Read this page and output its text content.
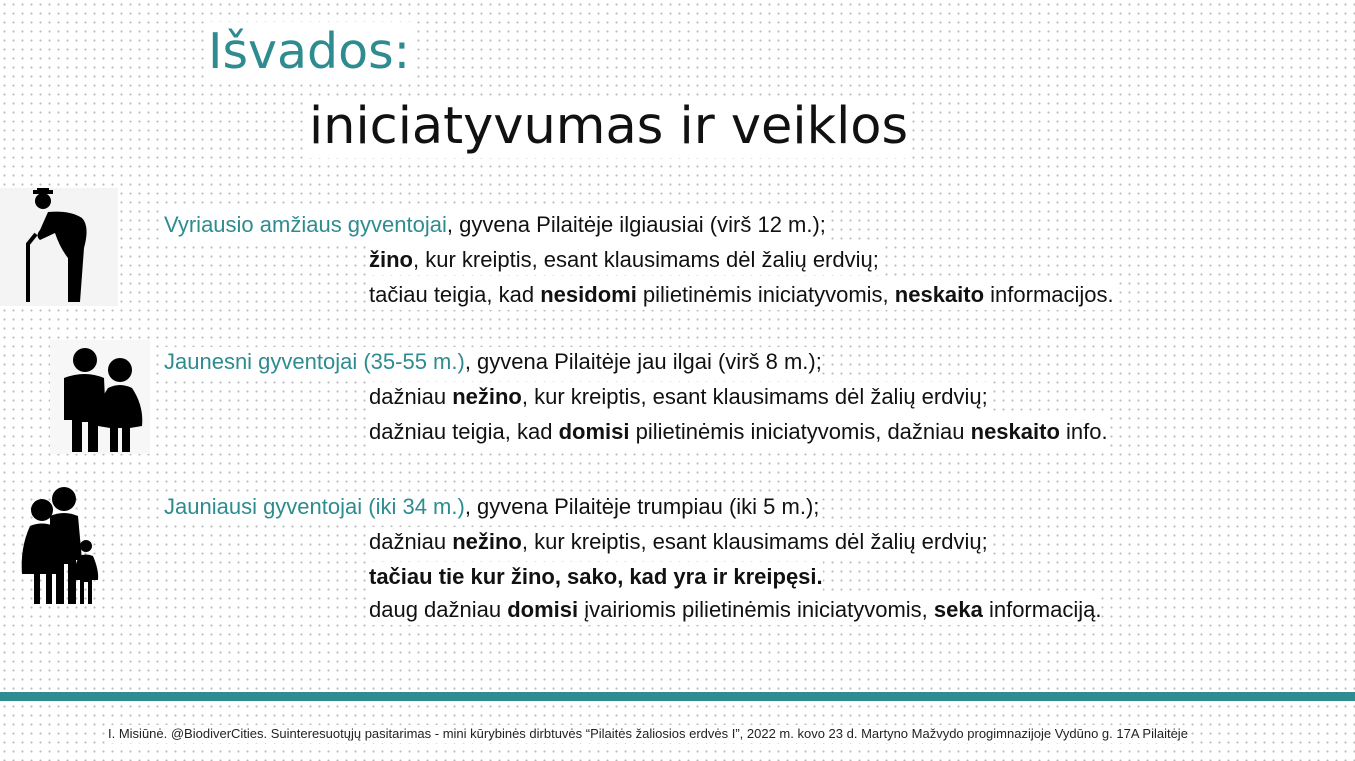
Išvados:
iniciatyvumas ir veiklos
Vyriausio amžiaus gyventojai, gyvena Pilaitėje ilgiausiai (virš 12 m.);
žino, kur kreiptis, esant klausimams dėl žalių erdvių;
tačiau teigia, kad nesidomi pilietinėmis iniciatyvomis, neskaito informacijos.
Jaunesni gyventojai (35-55 m.), gyvena Pilaitėje jau ilgai (virš 8 m.);
dažniau nežino, kur kreiptis, esant klausimams dėl žalių erdvių;
dažniau teigia, kad domisi pilietinėmis iniciatyvomis, dažniau neskaito info.
Jauniausi gyventojai (iki 34 m.), gyvena Pilaitėje trumpiau (iki 5 m.);
dažniau nežino, kur kreiptis, esant klausimams dėl žalių erdvių;
tačiau tie kur žino, sako, kad yra ir kreipęsi.
daug dažniau domisi įvairiomis pilietinėmis iniciatyvomis, seka informaciją.
I. Misiūnė. @BiodiverCities. Suinteresuotųjų pasitarimas - mini kūrybinės dirbtuvės “Pilaitės žaliosios erdvės I”, 2022 m. kovo 23 d. Martyno Mažvydo progimnazijoje Vydūno g. 17A Pilaitėje
